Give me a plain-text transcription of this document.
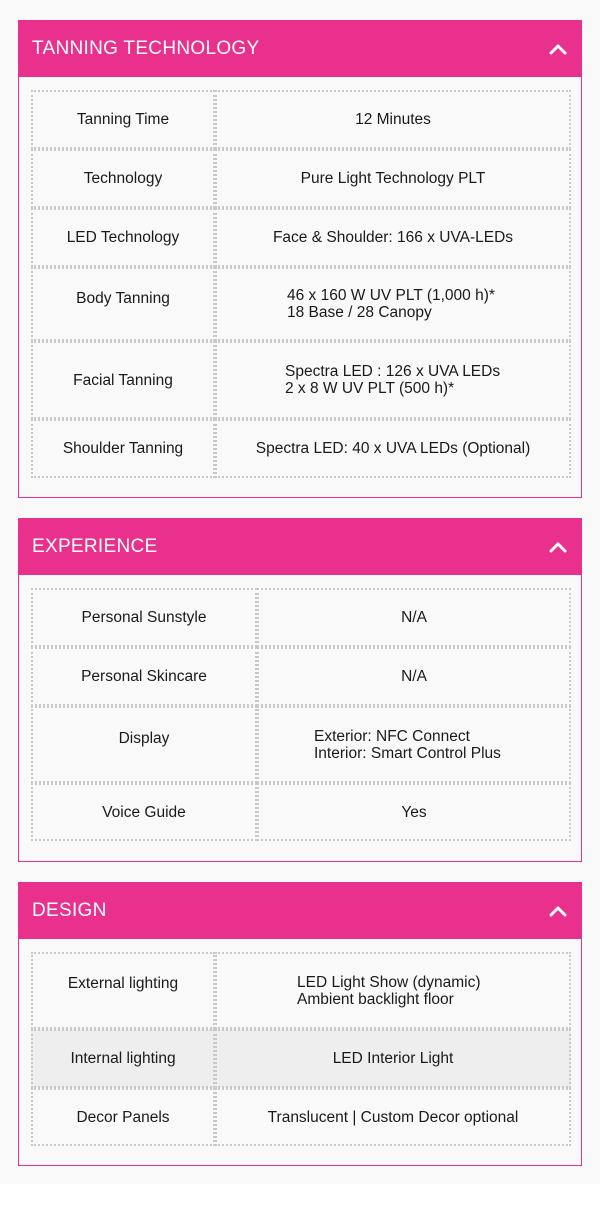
TANNING TECHNOLOGY
Tanning Time	12 Minutes
Technology	Pure Light Technology PLT
LED Technology	Face & Shoulder: 166 x UVA-LEDs
Body Tanning	46 x 160 W UV PLT (1,000 h)*
18 Base / 28 Canopy

Facial Tanning	Spectra LED : 126 x UVA LEDs
2 x 8 W UV PLT (500 h)*

Shoulder Tanning	Spectra LED: 40 x UVA LEDs (Optional)
EXPERIENCE
Personal Sunstyle	N/A
Personal Skincare	N/A
Display	Exterior: NFC Connect
Interior: Smart Control Plus

Voice Guide	Yes
DESIGN
External lighting	LED Light Show (dynamic)
Ambient backlight floor

Internal lighting	LED Interior Light
Decor Panels	Translucent | Custom Decor optional
